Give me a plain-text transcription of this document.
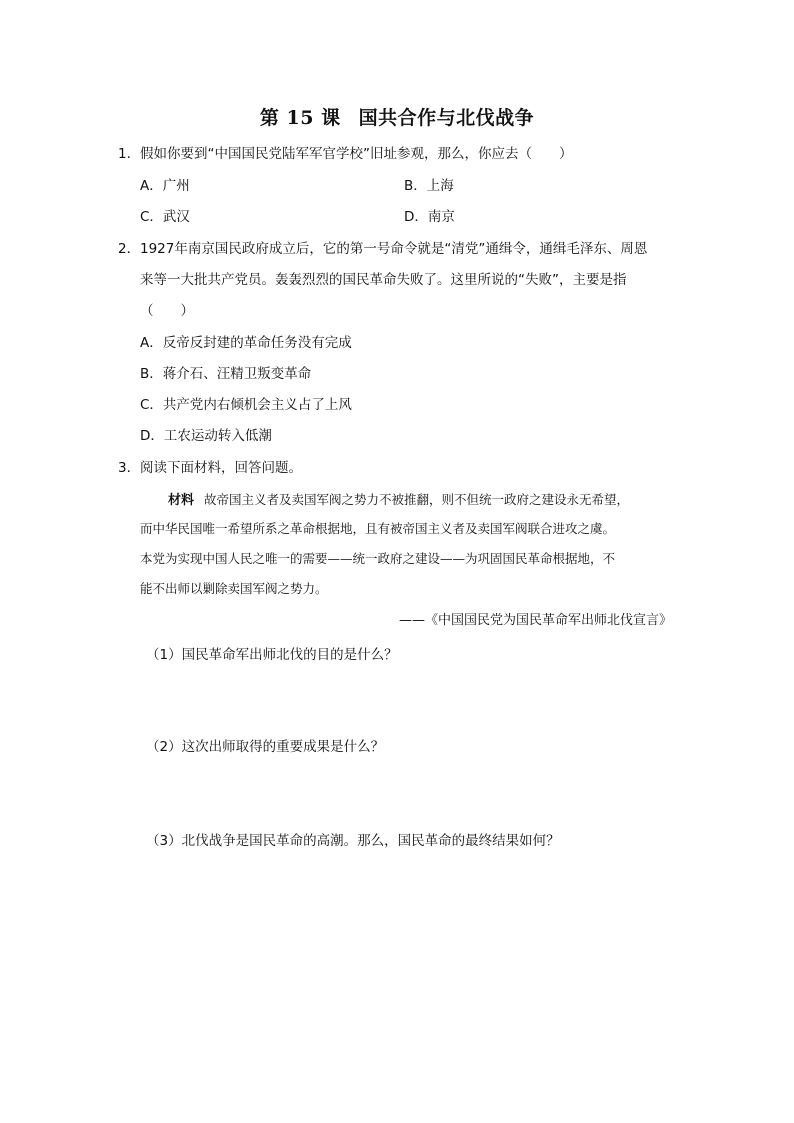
第 15 课 国共合作与北伐战争
1． 假如你要到“中国国民党陆军军官学校”旧址参观，那么，你应去（　　）
A．广州	B．上海
C．武汉	D．南京
2． 1927年南京国民政府成立后，它的第一号命令就是“清党”通缉令，通缉毛泽东、周恩
来等一大批共产党员。轰轰烈烈的国民革命失败了。这里所说的“失败”，主要是指
（　　）
A．反帝反封建的革命任务没有完成
B．蒋介石、汪精卫叛变革命
C．共产党内右倾机会主义占了上风
D．工农运动转入低潮
3． 阅读下面材料，回答问题。
材料 故帝国主义者及卖国军阀之势力不被推翻，则不但统一政府之建设永无希望，
而中华民国唯一希望所系之革命根据地，且有被帝国主义者及卖国军阀联合进攻之虞。
本党为实现中国人民之唯一的需要——统一政府之建设——为巩固国民革命根据地，不
能不出师以剿除卖国军阀之势力。
——《中国国民党为国民革命军出师北伐宣言》
（1）国民革命军出师北伐的目的是什么？
（2）这次出师取得的重要成果是什么？
（3）北伐战争是国民革命的高潮。那么，国民革命的最终结果如何？
